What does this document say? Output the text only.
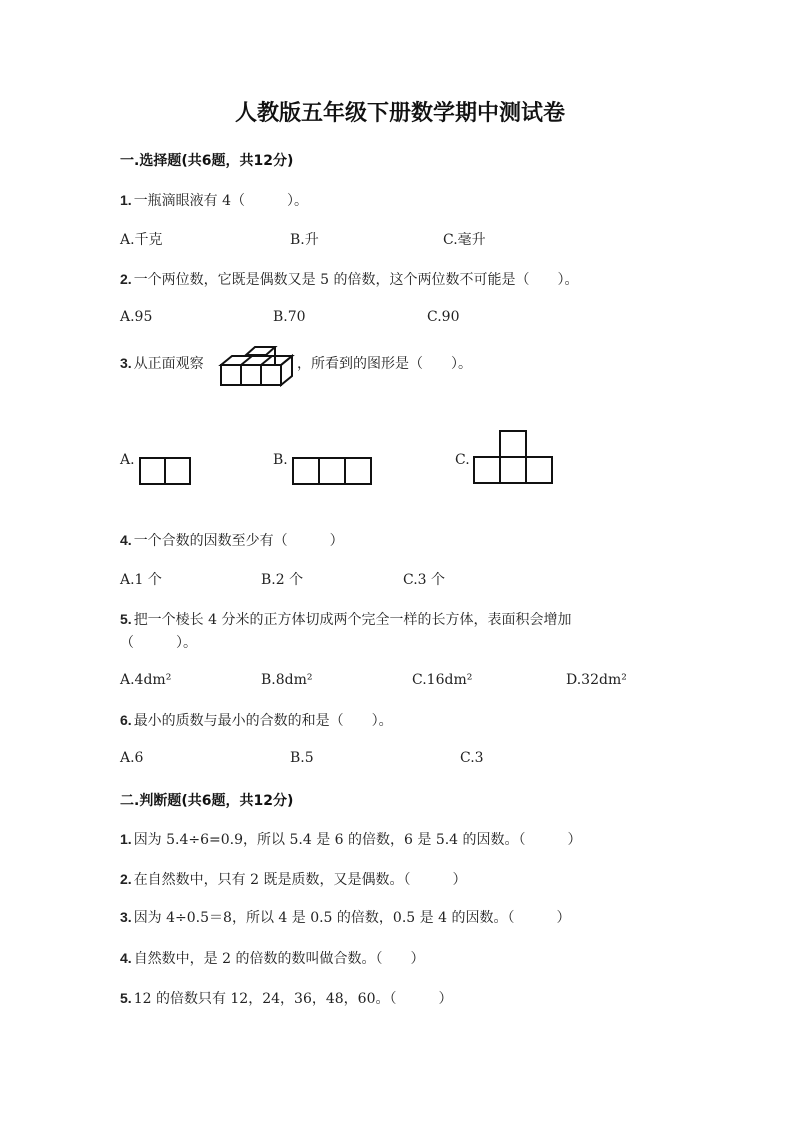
人教版五年级下册数学期中测试卷
一.选择题(共6题，共12分)
1. 一瓶滴眼液有 4（　　　）。
A.千克	B.升	C.毫升
2. 一个两位数，它既是偶数又是 5 的倍数，这个两位数不可能是（　　）。
A.95	B.70	C.90
3. 从正面观察	，所看到的图形是（　　）。
A.	B.	C.
4. 一个合数的因数至少有（　　　）
A.1 个	B.2 个	C.3 个
5. 把一个棱长 4 分米的正方体切成两个完全一样的长方体，表面积会增加
（　　　）。
A.4dm²	B.8dm²	C.16dm²	D.32dm²
6. 最小的质数与最小的合数的和是（　　）。
A.6	B.5	C.3
二.判断题(共6题，共12分)
1. 因为 5.4÷6=0.9，所以 5.4 是 6 的倍数，6 是 5.4 的因数。（　　　）
2. 在自然数中，只有 2 既是质数，又是偶数。（　　　）
3. 因为 4÷0.5＝8，所以 4 是 0.5 的倍数，0.5 是 4 的因数。（　　　）
4. 自然数中，是 2 的倍数的数叫做合数。（　　）
5. 12 的倍数只有 12，24，36，48，60。（　　　）
